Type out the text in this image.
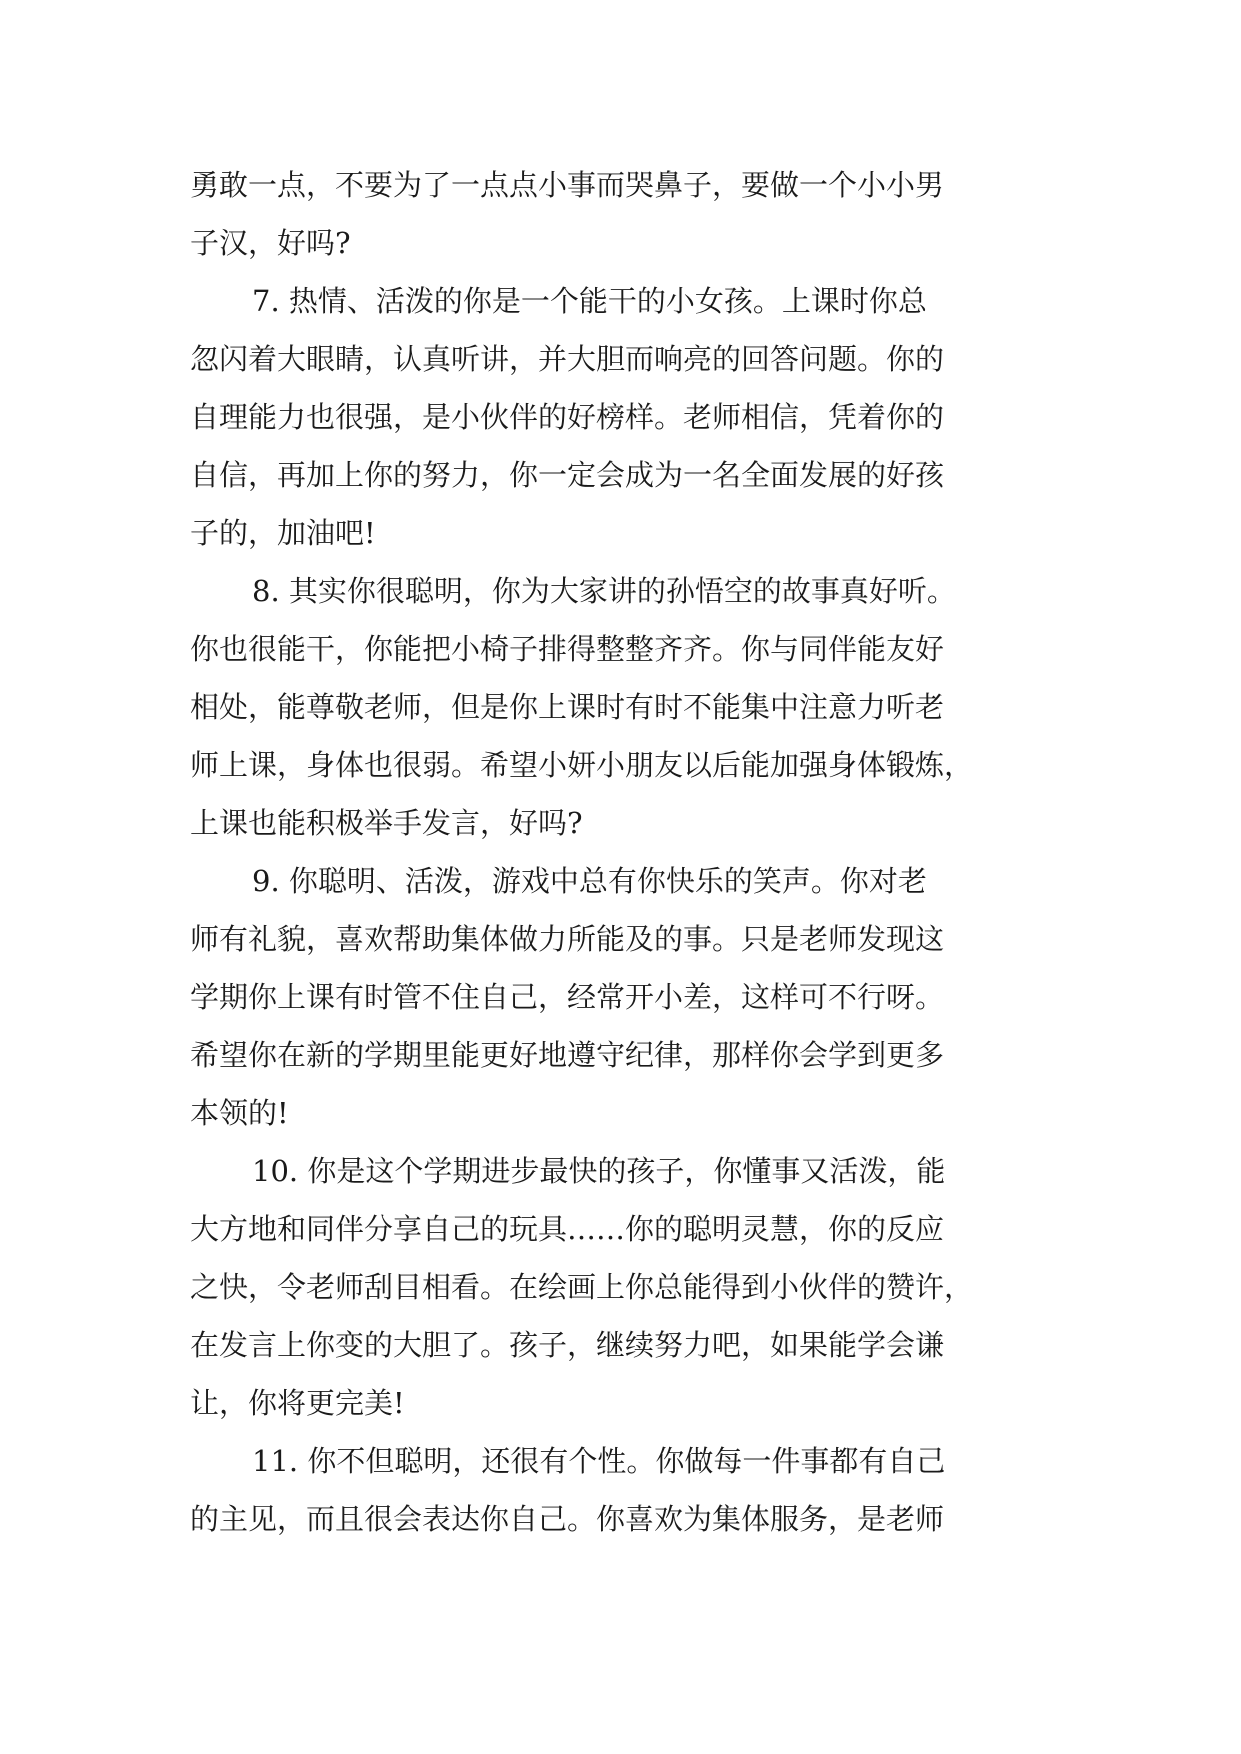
勇敢一点，不要为了一点点小事而哭鼻子，要做一个小小男
子汉，好吗?
7. 热情、活泼的你是一个能干的小女孩。上课时你总
忽闪着大眼睛，认真听讲，并大胆而响亮的回答问题。你的
自理能力也很强，是小伙伴的好榜样。老师相信，凭着你的
自信，再加上你的努力，你一定会成为一名全面发展的好孩
子的，加油吧!
8. 其实你很聪明，你为大家讲的孙悟空的故事真好听。
你也很能干，你能把小椅子排得整整齐齐。你与同伴能友好
相处，能尊敬老师，但是你上课时有时不能集中注意力听老
师上课，身体也很弱。希望小妍小朋友以后能加强身体锻炼，
上课也能积极举手发言，好吗?
9. 你聪明、活泼，游戏中总有你快乐的笑声。你对老
师有礼貌，喜欢帮助集体做力所能及的事。只是老师发现这
学期你上课有时管不住自己，经常开小差，这样可不行呀。
希望你在新的学期里能更好地遵守纪律，那样你会学到更多
本领的!
10. 你是这个学期进步最快的孩子，你懂事又活泼，能
大方地和同伴分享自己的玩具……你的聪明灵慧，你的反应
之快，令老师刮目相看。在绘画上你总能得到小伙伴的赞许，
在发言上你变的大胆了。孩子，继续努力吧，如果能学会谦
让，你将更完美!
11. 你不但聪明，还很有个性。你做每一件事都有自己
的主见，而且很会表达你自己。你喜欢为集体服务，是老师
